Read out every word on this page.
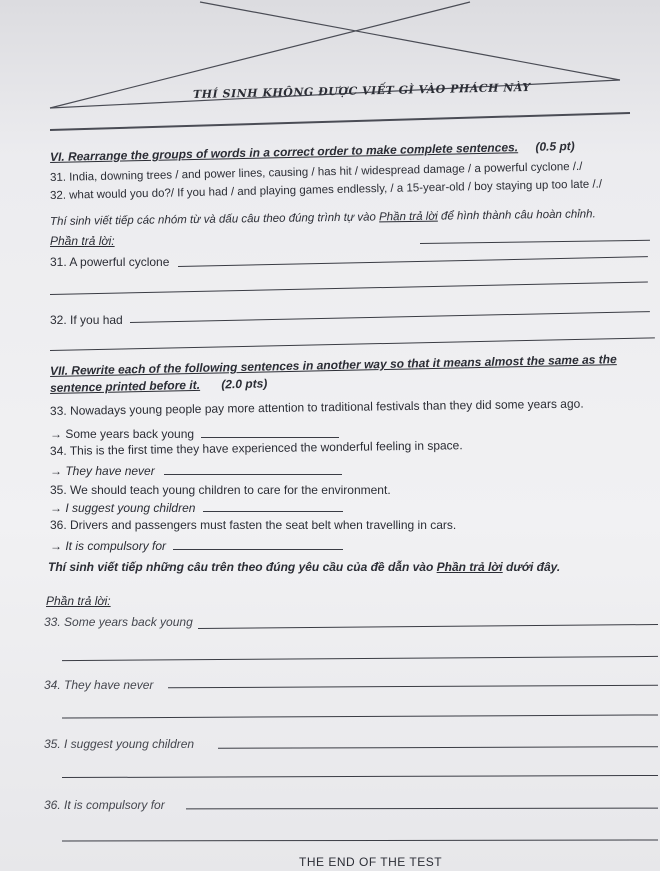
THÍ SINH KHÔNG ĐƯỢC VIẾT GÌ VÀO PHÁCH NÀY
VI. Rearrange the groups of words in a correct order to make complete sentences. (0.5 pt)
31. India, downing trees / and power lines, causing / has hit / widespread damage / a powerful cyclone /./
32. what would you do?/ If you had / and playing games endlessly, / a 15-year-old / boy staying up too late /./
Thí sinh viết tiếp các nhóm từ và dấu câu theo đúng trình tự vào Phần trả lời để hình thành câu hoàn chỉnh.
Phần trả lời:
31. A powerful cyclone
32. If you had
VII. Rewrite each of the following sentences in another way so that it means almost the same as the
sentence printed before it. (2.0 pts)
33. Nowadays young people pay more attention to traditional festivals than they did some years ago.
→ Some years back young
34. This is the first time they have experienced the wonderful feeling in space.
→ They have never
35. We should teach young children to care for the environment.
→ I suggest young children
36. Drivers and passengers must fasten the seat belt when travelling in cars.
→ It is compulsory for
Thí sinh viết tiếp những câu trên theo đúng yêu cầu của đề dẫn vào Phần trả lời dưới đây.
Phần trả lời:
33. Some years back young
34. They have never
35. I suggest young children
36. It is compulsory for
THE END OF THE TEST
